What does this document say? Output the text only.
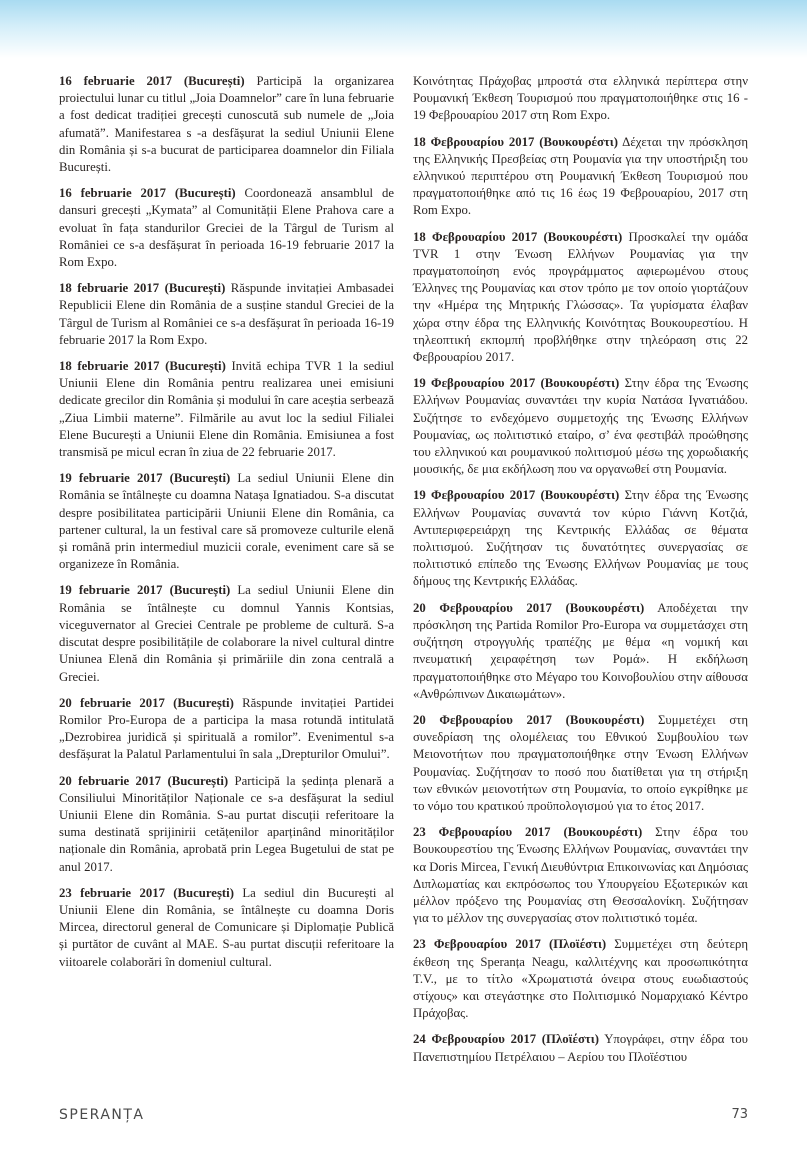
16 februarie 2017 (București) Participă la organizarea proiectului lunar cu titlul „Joia Doamnelor” care în luna februarie a fost dedicat tradiției grecești cunoscută sub numele de „Joia afumată”. Manifestarea s -a desfășurat la sediul Uniunii Elene din România și s-a bucurat de participarea doamnelor din Filiala București.

16 februarie 2017 (București) Coordonează ansamblul de dansuri grecești „Kymata” al Comunității Elene Prahova care a evoluat în fața standurilor Greciei de la Târgul de Turism al României ce s-a desfășurat în perioada 16-19 februarie 2017 la Rom Expo.

18 februarie 2017 (București) Răspunde invitației Ambasadei Republicii Elene din România de a susține standul Greciei de la Târgul de Turism al României ce s-a desfășurat în perioada 16-19 februarie 2017 la Rom Expo.

18 februarie 2017 (București) Invită echipa TVR 1 la sediul Uniunii Elene din România pentru realizarea unei emisiuni dedicate grecilor din România și modului în care aceștia serbează „Ziua Limbii materne”. Filmările au avut loc la sediul Filialei Elene București a Uniunii Elene din România. Emisiunea a fost transmisă pe micul ecran în ziua de 22 februarie 2017.

19 februarie 2017 (București) La sediul Uniunii Elene din România se întâlnește cu doamna Natașa Ignatiadou. S-a discutat despre posibilitatea participării Uniunii Elene din România, ca partener cultural, la un festival care să promoveze culturile elenă și română prin intermediul muzicii corale, eveniment care să se organizeze în România.

19 februarie 2017 (București) La sediul Uniunii Elene din România se întâlnește cu domnul Yannis Kontsias, viceguvernator al Greciei Centrale pe probleme de cultură. S-a discutat despre posibilitățile de colaborare la nivel cultural dintre Uniunea Elenă din România și primăriile din zona centrală a Greciei.

20 februarie 2017 (București) Răspunde invitației Partidei Romilor Pro-Europa de a participa la masa rotundă intitulată „Dezrobirea juridică și spirituală a romilor”. Evenimentul s-a desfășurat la Palatul Parlamentului în sala „Drepturilor Omului”.

20 februarie 2017 (București) Participă la ședința plenară a Consiliului Minorităților Naționale ce s-a desfășurat la sediul Uniunii Elene din România. S-au purtat discuții referitoare la suma destinată sprijinirii cetățenilor aparținând minorităților naționale din România, aprobată prin Legea Bugetului de stat pe anul 2017.

23 februarie 2017 (București) La sediul din București al Uniunii Elene din România, se întâlnește cu doamna Doris Mircea, directorul general de Comunicare și Diplomație Publică și purtător de cuvânt al MAE. S-au purtat discuții referitoare la viitoarele colaborări în domeniul cultural.

Κοινότητας Πράχοβας μπροστά στα ελληνικά περίπτερα στην Ρουμανική Έκθεση Τουρισμού που πραγματοποιήθηκε στις 16 - 19 Φεβρουαρίου 2017 στη Rom Expo.

18 Φεβρουαρίου 2017 (Βουκουρέστι) Δέχεται την πρόσκληση της Ελληνικής Πρεσβείας στη Ρουμανία για την υποστήριξη του ελληνικού περιπτέρου στη Ρουμανική Έκθεση Τουρισμού που πραγματοποιήθηκε από τις 16 έως 19 Φεβρουαρίου, 2017 στη Rom Expo.

18 Φεβρουαρίου 2017 (Βουκουρέστι) Προσκαλεί την ομάδα TVR 1 στην Ένωση Ελλήνων Ρουμανίας για την πραγματοποίηση ενός προγράμματος αφιερωμένου στους Έλληνες της Ρουμανίας και στον τρόπο με τον οποίο γιορτάζουν την «Ημέρα της Μητρικής Γλώσσας». Τα γυρίσματα έλαβαν χώρα στην έδρα της Ελληνικής Κοινότητας Βουκουρεστίου. Η τηλεοπτική εκπομπή προβλήθηκε στην τηλεόραση στις 22 Φεβρουαρίου 2017.

19 Φεβρουαρίου 2017 (Βουκουρέστι) Στην έδρα της Ένωσης Ελλήνων Ρουμανίας συναντάει την κυρία Νατάσα Ιγνατιάδου. Συζήτησε το ενδεχόμενο συμμετοχής της Ένωσης Ελλήνων Ρουμανίας, ως πολιτιστικό εταίρο, σ’ ένα φεστιβάλ προώθησης του ελληνικού και ρουμανικού πολιτισμού μέσω της χορωδιακής μουσικής, δε μια εκδήλωση που να οργανωθεί στη Ρουμανία.

19 Φεβρουαρίου 2017 (Βουκουρέστι) Στην έδρα της Ένωσης Ελλήνων Ρουμανίας συναντά τον κύριο Γιάννη Κοτζιά, Αντιπεριφερειάρχη της Κεντρικής Ελλάδας σε θέματα πολιτισμού. Συζήτησαν τις δυνατότητες συνεργασίας σε πολιτιστικό επίπεδο της Ένωσης Ελλήνων Ρουμανίας με τους δήμους της Κεντρικής Ελλάδας.

20 Φεβρουαρίου 2017 (Βουκουρέστι) Αποδέχεται την πρόσκληση της Partida Romilor Pro-Europa να συμμετάσχει στη συζήτηση στρογγυλής τραπέζης με θέμα «η νομική και πνευματική χειραφέτηση των Ρομά». Η εκδήλωση πραγματοποιήθηκε στο Μέγαρο του Κοινοβουλίου στην αίθουσα «Ανθρώπινων Δικαιωμάτων».

20 Φεβρουαρίου 2017 (Βουκουρέστι) Συμμετέχει στη συνεδρίαση της ολομέλειας του Εθνικού Συμβουλίου των Μειονοτήτων που πραγματοποιήθηκε στην Ένωση Ελλήνων Ρουμανίας. Συζήτησαν το ποσό που διατίθεται για τη στήριξη των εθνικών μειονοτήτων στη Ρουμανία, το οποίο εγκρίθηκε με το νόμο του κρατικού προϋπολογισμού για το έτος 2017.

23 Φεβρουαρίου 2017 (Βουκουρέστι) Στην έδρα του Βουκουρεστίου της Ένωσης Ελλήνων Ρουμανίας, συναντάει την κα Doris Mircea, Γενική Διευθύντρια Επικοινωνίας και Δημόσιας Διπλωματίας και εκπρόσωπος του Υπουργείου Εξωτερικών και μέλλον πρόξενο της Ρουμανίας στη Θεσσαλονίκη. Συζήτησαν για το μέλλον της συνεργασίας στον πολιτιστικό τομέα.

23 Φεβρουαρίου 2017 (Πλοϊέστι) Συμμετέχει στη δεύτερη έκθεση της Speranța Neagu, καλλιτέχνης και προσωπικότητα T.V., με το τίτλο «Χρωματιστά όνειρα στους ευωδιαστούς στίχους» και στεγάστηκε στο Πολιτισμικό Νομαρχιακό Κέντρο Πράχοβας.

24 Φεβρουαρίου 2017 (Πλοϊέστι) Υπογράφει, στην έδρα του Πανεπιστημίου Πετρέλαιου – Αερίου του Πλοϊέστιου

SPERANȚA	73
